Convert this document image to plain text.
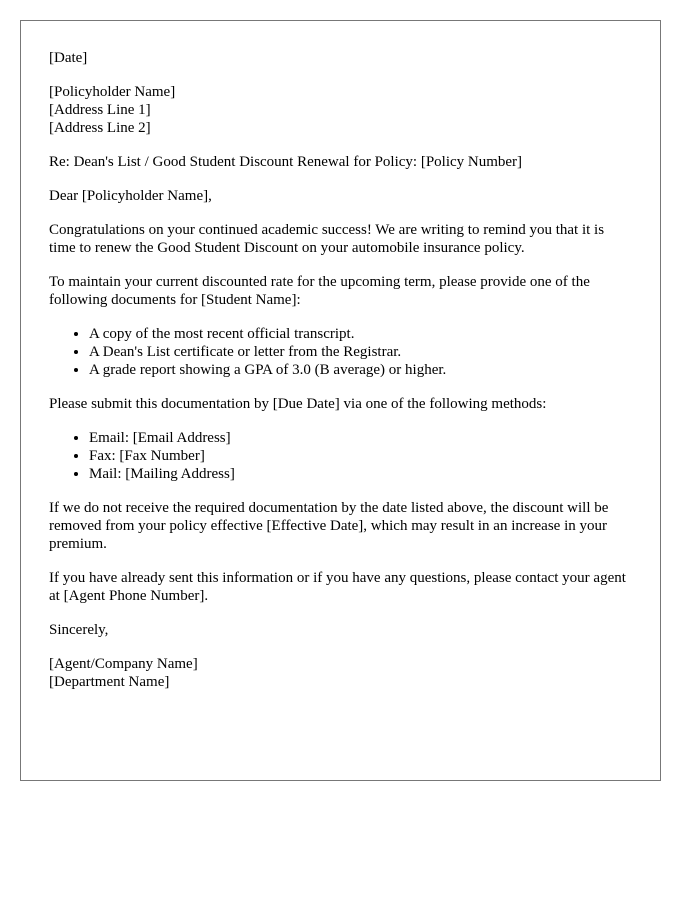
[Date]

[Policyholder Name]
[Address Line 1]
[Address Line 2]

Re: Dean's List / Good Student Discount Renewal for Policy: [Policy Number]

Dear [Policyholder Name],

Congratulations on your continued academic success! We are writing to remind you that it is time to renew the Good Student Discount on your automobile insurance policy.

To maintain your current discounted rate for the upcoming term, please provide one of the following documents for [Student Name]:

• A copy of the most recent official transcript.
• A Dean's List certificate or letter from the Registrar.
• A grade report showing a GPA of 3.0 (B average) or higher.

Please submit this documentation by [Due Date] via one of the following methods:

• Email: [Email Address]
• Fax: [Fax Number]
• Mail: [Mailing Address]

If we do not receive the required documentation by the date listed above, the discount will be removed from your policy effective [Effective Date], which may result in an increase in your premium.

If you have already sent this information or if you have any questions, please contact your agent at [Agent Phone Number].

Sincerely,

[Agent/Company Name]
[Department Name]
